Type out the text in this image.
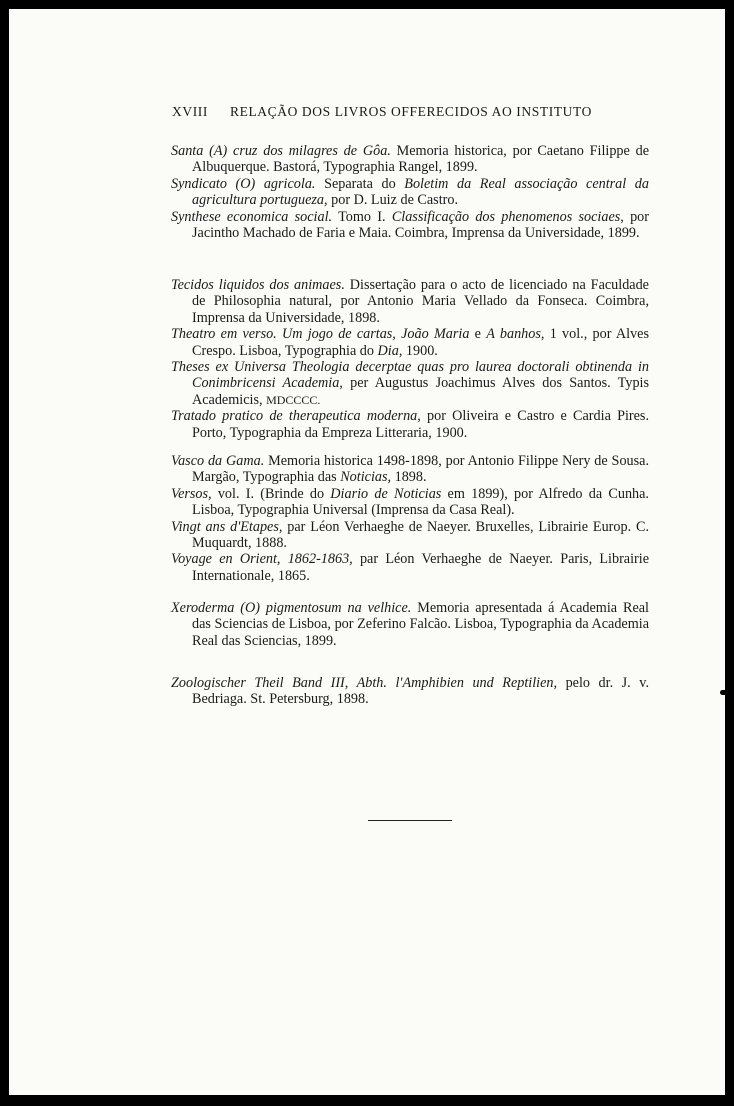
XVIII RELAÇÃO DOS LIVROS OFFERECIDOS AO INSTITUTO

Santa (A) cruz dos milagres de Gôa. Memoria historica, por Caetano Filippe de Albuquerque. Bastorá, Typographia Rangel, 1899.

Syndicato (O) agricola. Separata do Boletim da Real associação central da agricultura portugueza, por D. Luiz de Castro.

Synthese economica social. Tomo I. Classificação dos phenomenos sociaes, por Jacintho Machado de Faria e Maia. Coimbra, Imprensa da Universidade, 1899.

Tecidos liquidos dos animaes. Dissertação para o acto de licenciado na Faculdade de Philosophia natural, por Antonio Maria Vellado da Fonseca. Coimbra, Imprensa da Universidade, 1898.

Theatro em verso. Um jogo de cartas, João Maria e A banhos, 1 vol., por Alves Crespo. Lisboa, Typographia do Dia, 1900.

Theses ex Universa Theologia decerptae quas pro laurea doctorali obtinenda in Conimbricensi Academia, per Augustus Joachimus Alves dos Santos. Typis Academicis, MDCCCC.

Tratado pratico de therapeutica moderna, por Oliveira e Castro e Cardia Pires. Porto, Typographia da Empreza Litteraria, 1900.

Vasco da Gama. Memoria historica 1498-1898, por Antonio Filippe Nery de Sousa. Margão, Typographia das Noticias, 1898.

Versos, vol. I. (Brinde do Diario de Noticias em 1899), por Alfredo da Cunha. Lisboa, Typographia Universal (Imprensa da Casa Real).

Vingt ans d'Etapes, par Léon Verhaeghe de Naeyer. Bruxelles, Librairie Europ. C. Muquardt, 1888.

Voyage en Orient, 1862-1863, par Léon Verhaeghe de Naeyer. Paris, Librairie Internationale, 1865.

Xeroderma (O) pigmentosum na velhice. Memoria apresentada á Academia Real das Sciencias de Lisboa, por Zeferino Falcão. Lisboa, Typographia da Academia Real das Sciencias, 1899.

Zoologischer Theil Band III, Abth. l'Amphibien und Reptilien, pelo dr. J. v. Bedriaga. St. Petersburg, 1898.
